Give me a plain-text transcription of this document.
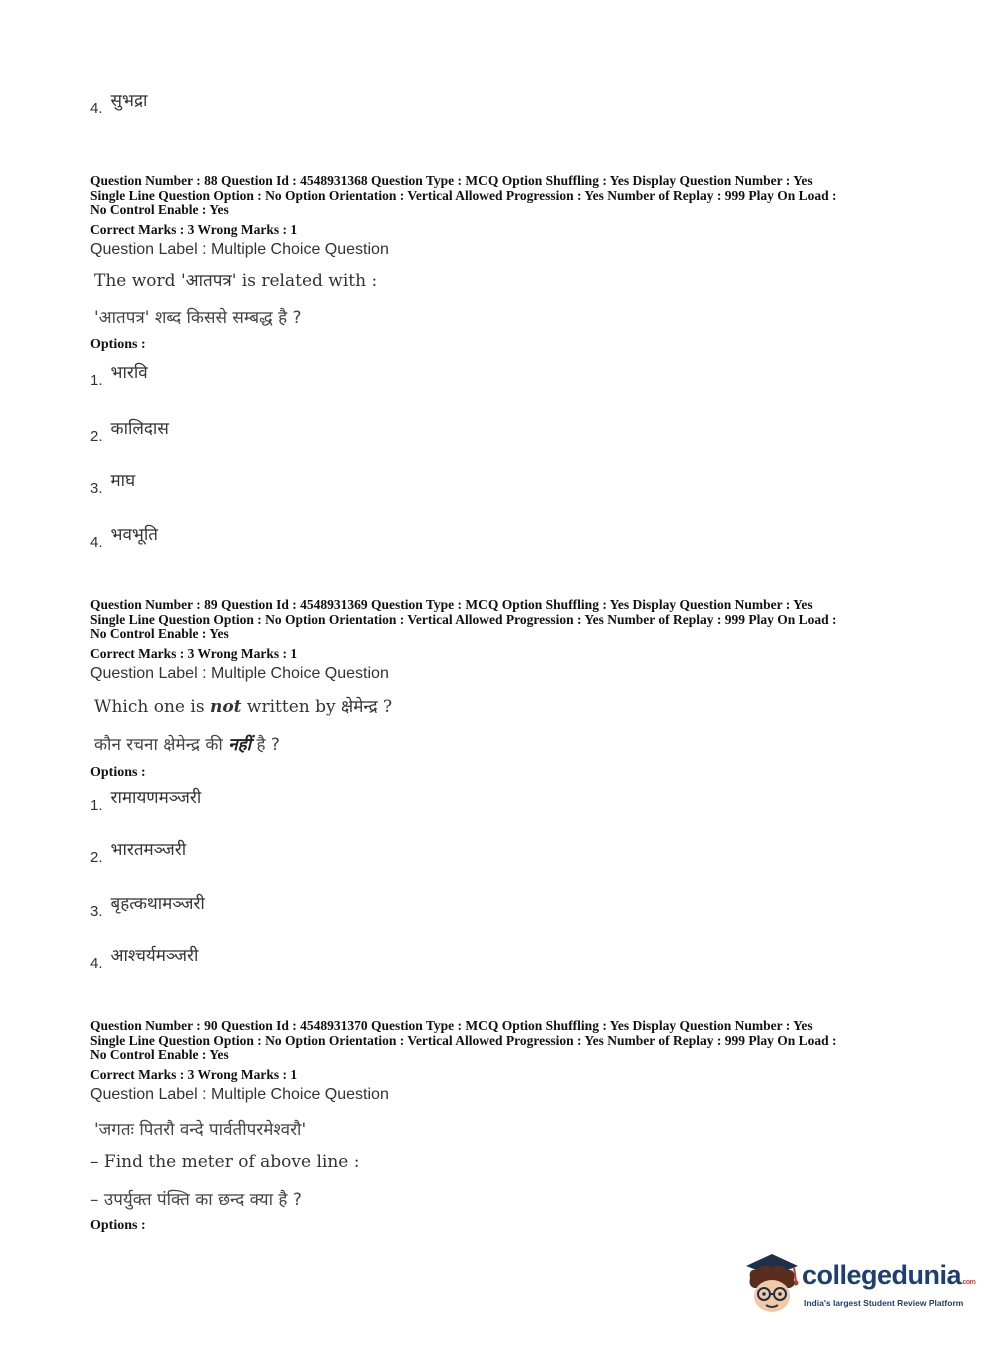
4. सुभद्रा
Question Number : 88 Question Id : 4548931368 Question Type : MCQ Option Shuffling : Yes Display Question Number : Yes
Single Line Question Option : No Option Orientation : Vertical Allowed Progression : Yes Number of Replay : 999 Play On Load :
No Control Enable : Yes
Correct Marks : 3 Wrong Marks : 1
Question Label : Multiple Choice Question
The word 'आतपत्र' is related with :
'आतपत्र' शब्द किससे सम्बद्ध है ?
Options :
1. भारवि
2. कालिदास
3. माघ
4. भवभूति
Question Number : 89 Question Id : 4548931369 Question Type : MCQ Option Shuffling : Yes Display Question Number : Yes
Single Line Question Option : No Option Orientation : Vertical Allowed Progression : Yes Number of Replay : 999 Play On Load :
No Control Enable : Yes
Correct Marks : 3 Wrong Marks : 1
Question Label : Multiple Choice Question
Which one is not written by क्षेमेन्द्र ?
कौन रचना क्षेमेन्द्र की नहीं है ?
Options :
1. रामायणमञ्जरी
2. भारतमञ्जरी
3. बृहत्कथामञ्जरी
4. आश्चर्यमञ्जरी
Question Number : 90 Question Id : 4548931370 Question Type : MCQ Option Shuffling : Yes Display Question Number : Yes
Single Line Question Option : No Option Orientation : Vertical Allowed Progression : Yes Number of Replay : 999 Play On Load :
No Control Enable : Yes
Correct Marks : 3 Wrong Marks : 1
Question Label : Multiple Choice Question
'जगतः पितरौ वन्दे पार्वतीपरमेश्वरौ'
– Find the meter of above line :
– उपर्युक्त पंक्ति का छन्द क्या है ?
Options :
collegedunia.com
India's largest Student Review Platform
